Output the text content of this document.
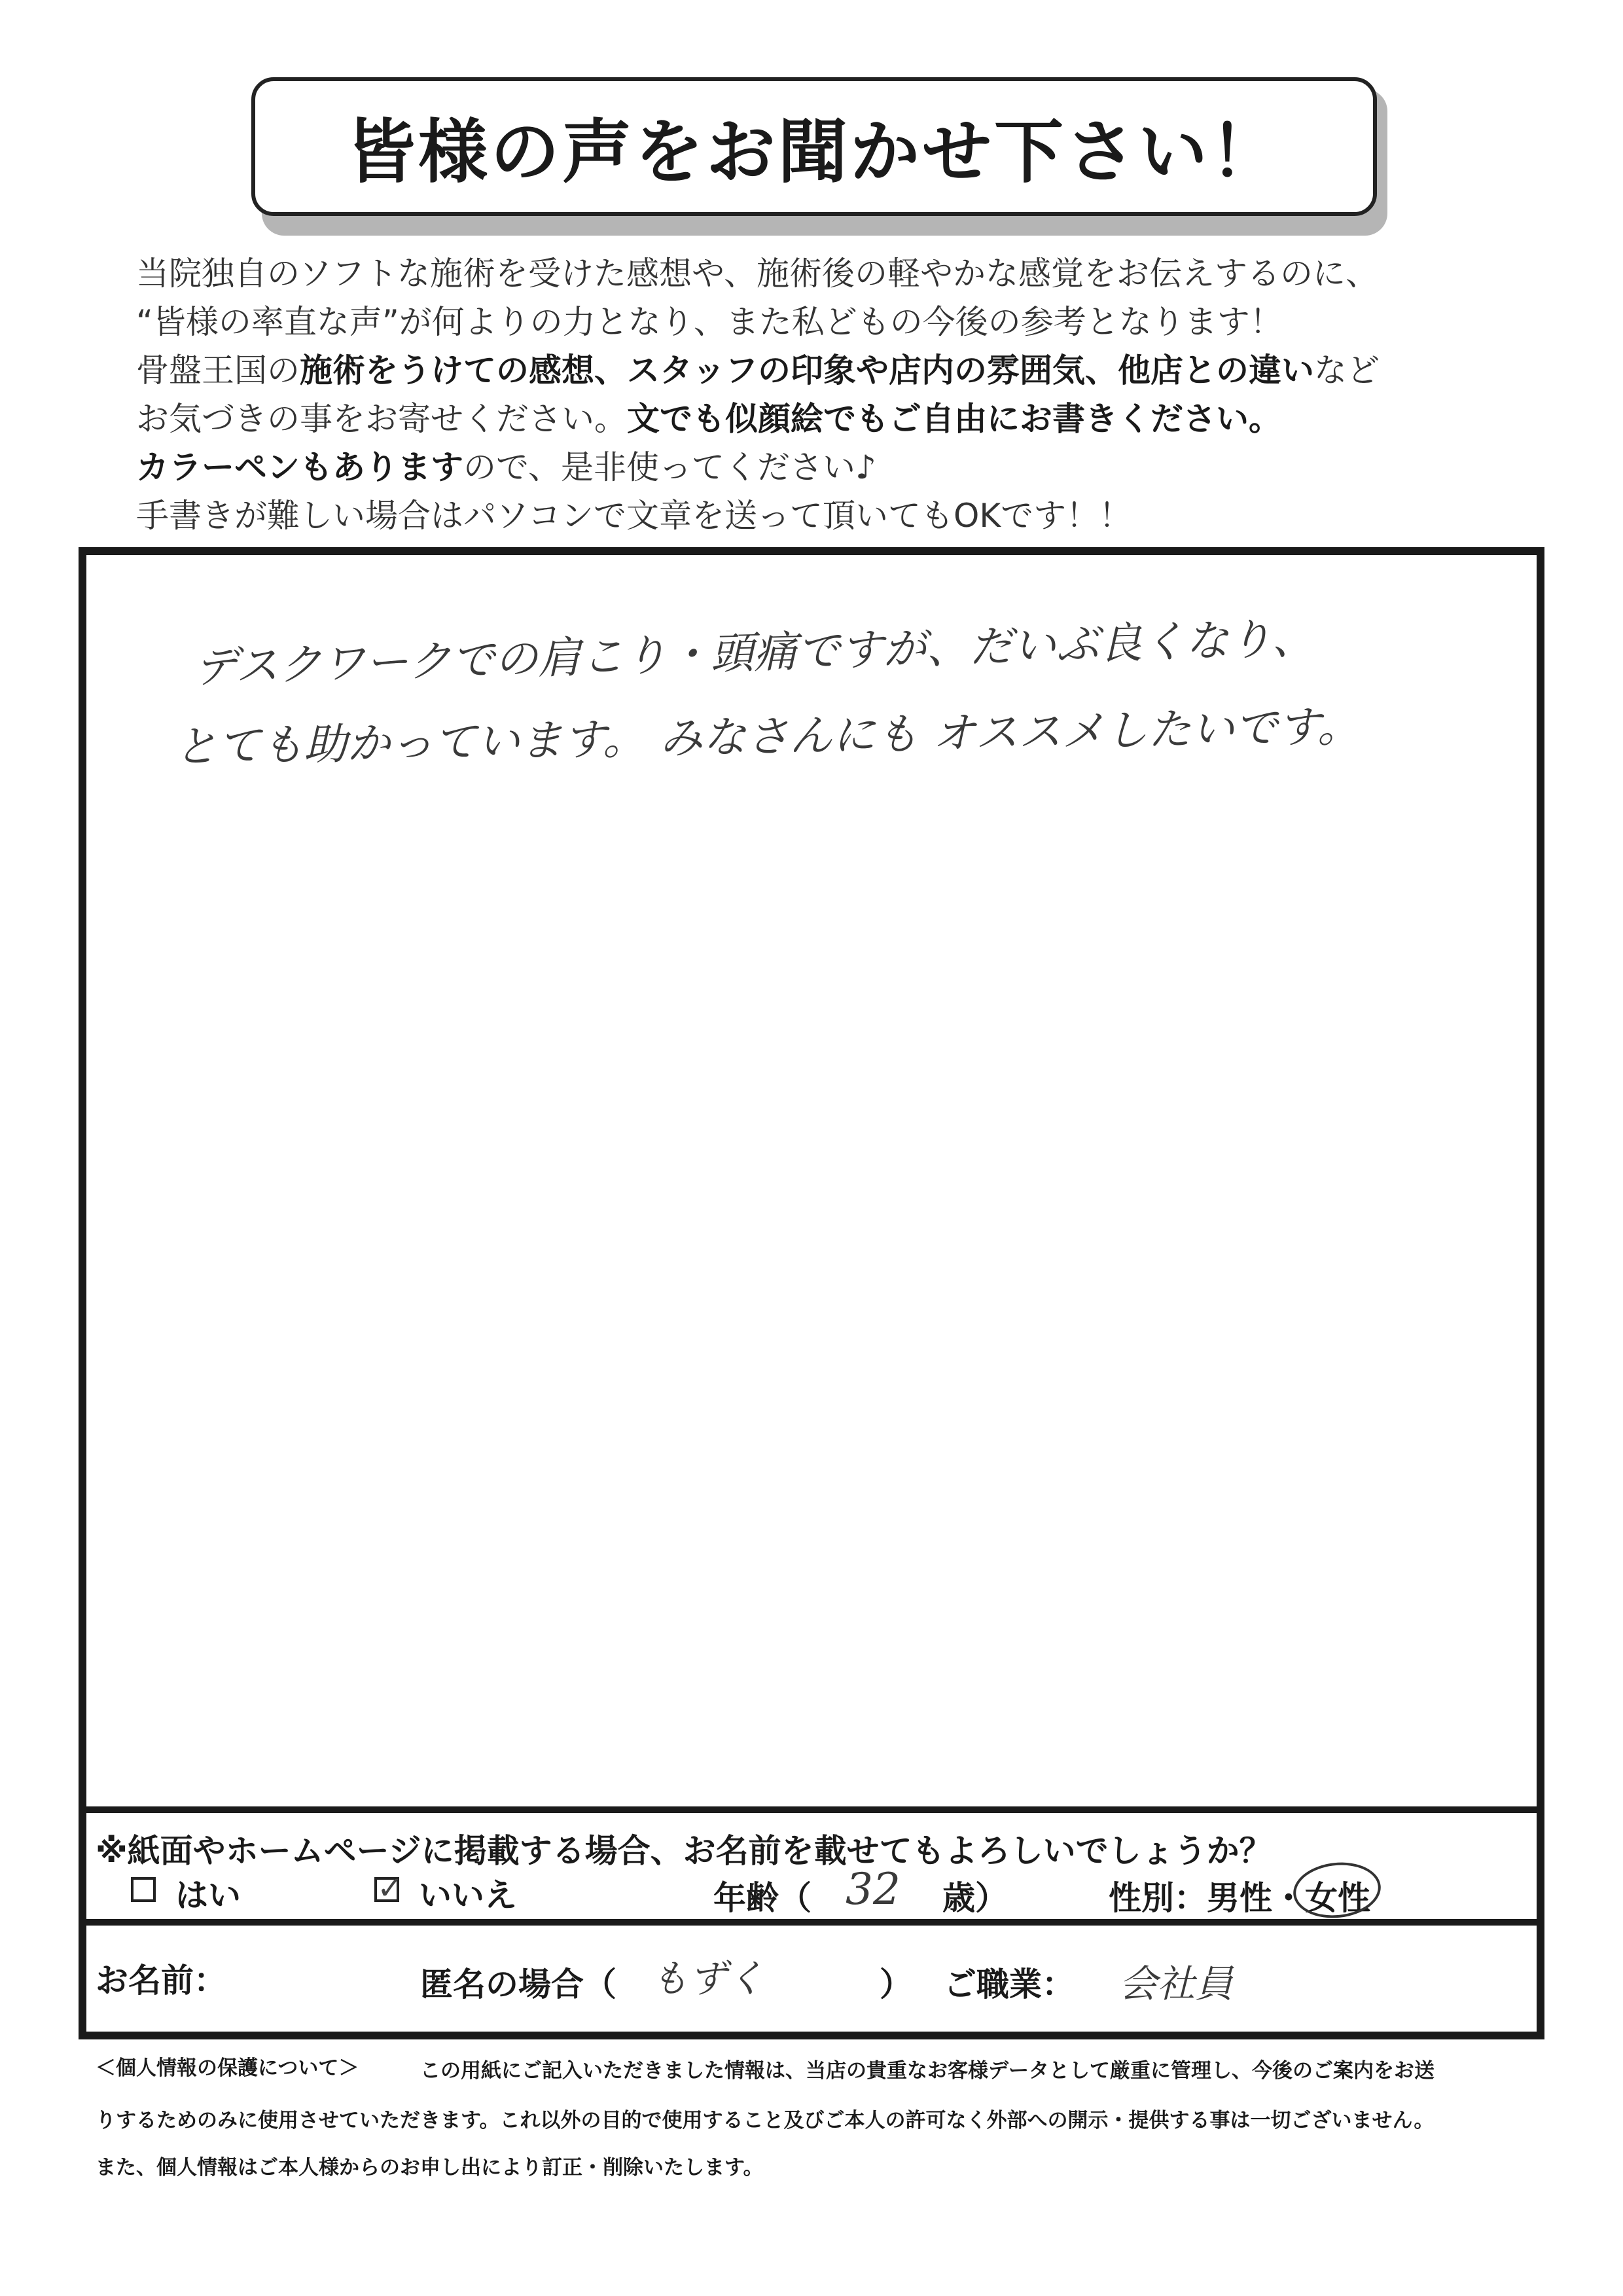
皆様の声をお聞かせ下さい！
当院独自のソフトな施術を受けた感想や、施術後の軽やかな感覚をお伝えするのに、
“皆様の率直な声”が何よりの力となり、また私どもの今後の参考となります！
骨盤王国の施術をうけての感想、スタッフの印象や店内の雰囲気、他店との違いなど
お気づきの事をお寄せください。文でも似顔絵でもご自由にお書きください。
カラーペンもありますので、是非使ってください♪
手書きが難しい場合はパソコンで文章を送って頂いてもOKです！！
デスクワークでの肩こり・頭痛ですが、だいぶ良くなり、
とても助かっています。 みなさんにも オススメしたいです。
※紙面やホームページに掲載する場合、お名前を載せてもよろしいでしょうか？
はい	✓ いいえ	年齢（ 32 歳）	性別：男性・女性
お名前：	匿名の場合（ もずく	） ご職業： 会社員
＜個人情報の保護について＞	この用紙にご記入いただきました情報は、当店の貴重なお客様データとして厳重に管理し、今後のご案内をお送
りするためのみに使用させていただきます。これ以外の目的で使用すること及びご本人の許可なく外部への開示・提供する事は一切ございません。
また、個人情報はご本人様からのお申し出により訂正・削除いたします。
